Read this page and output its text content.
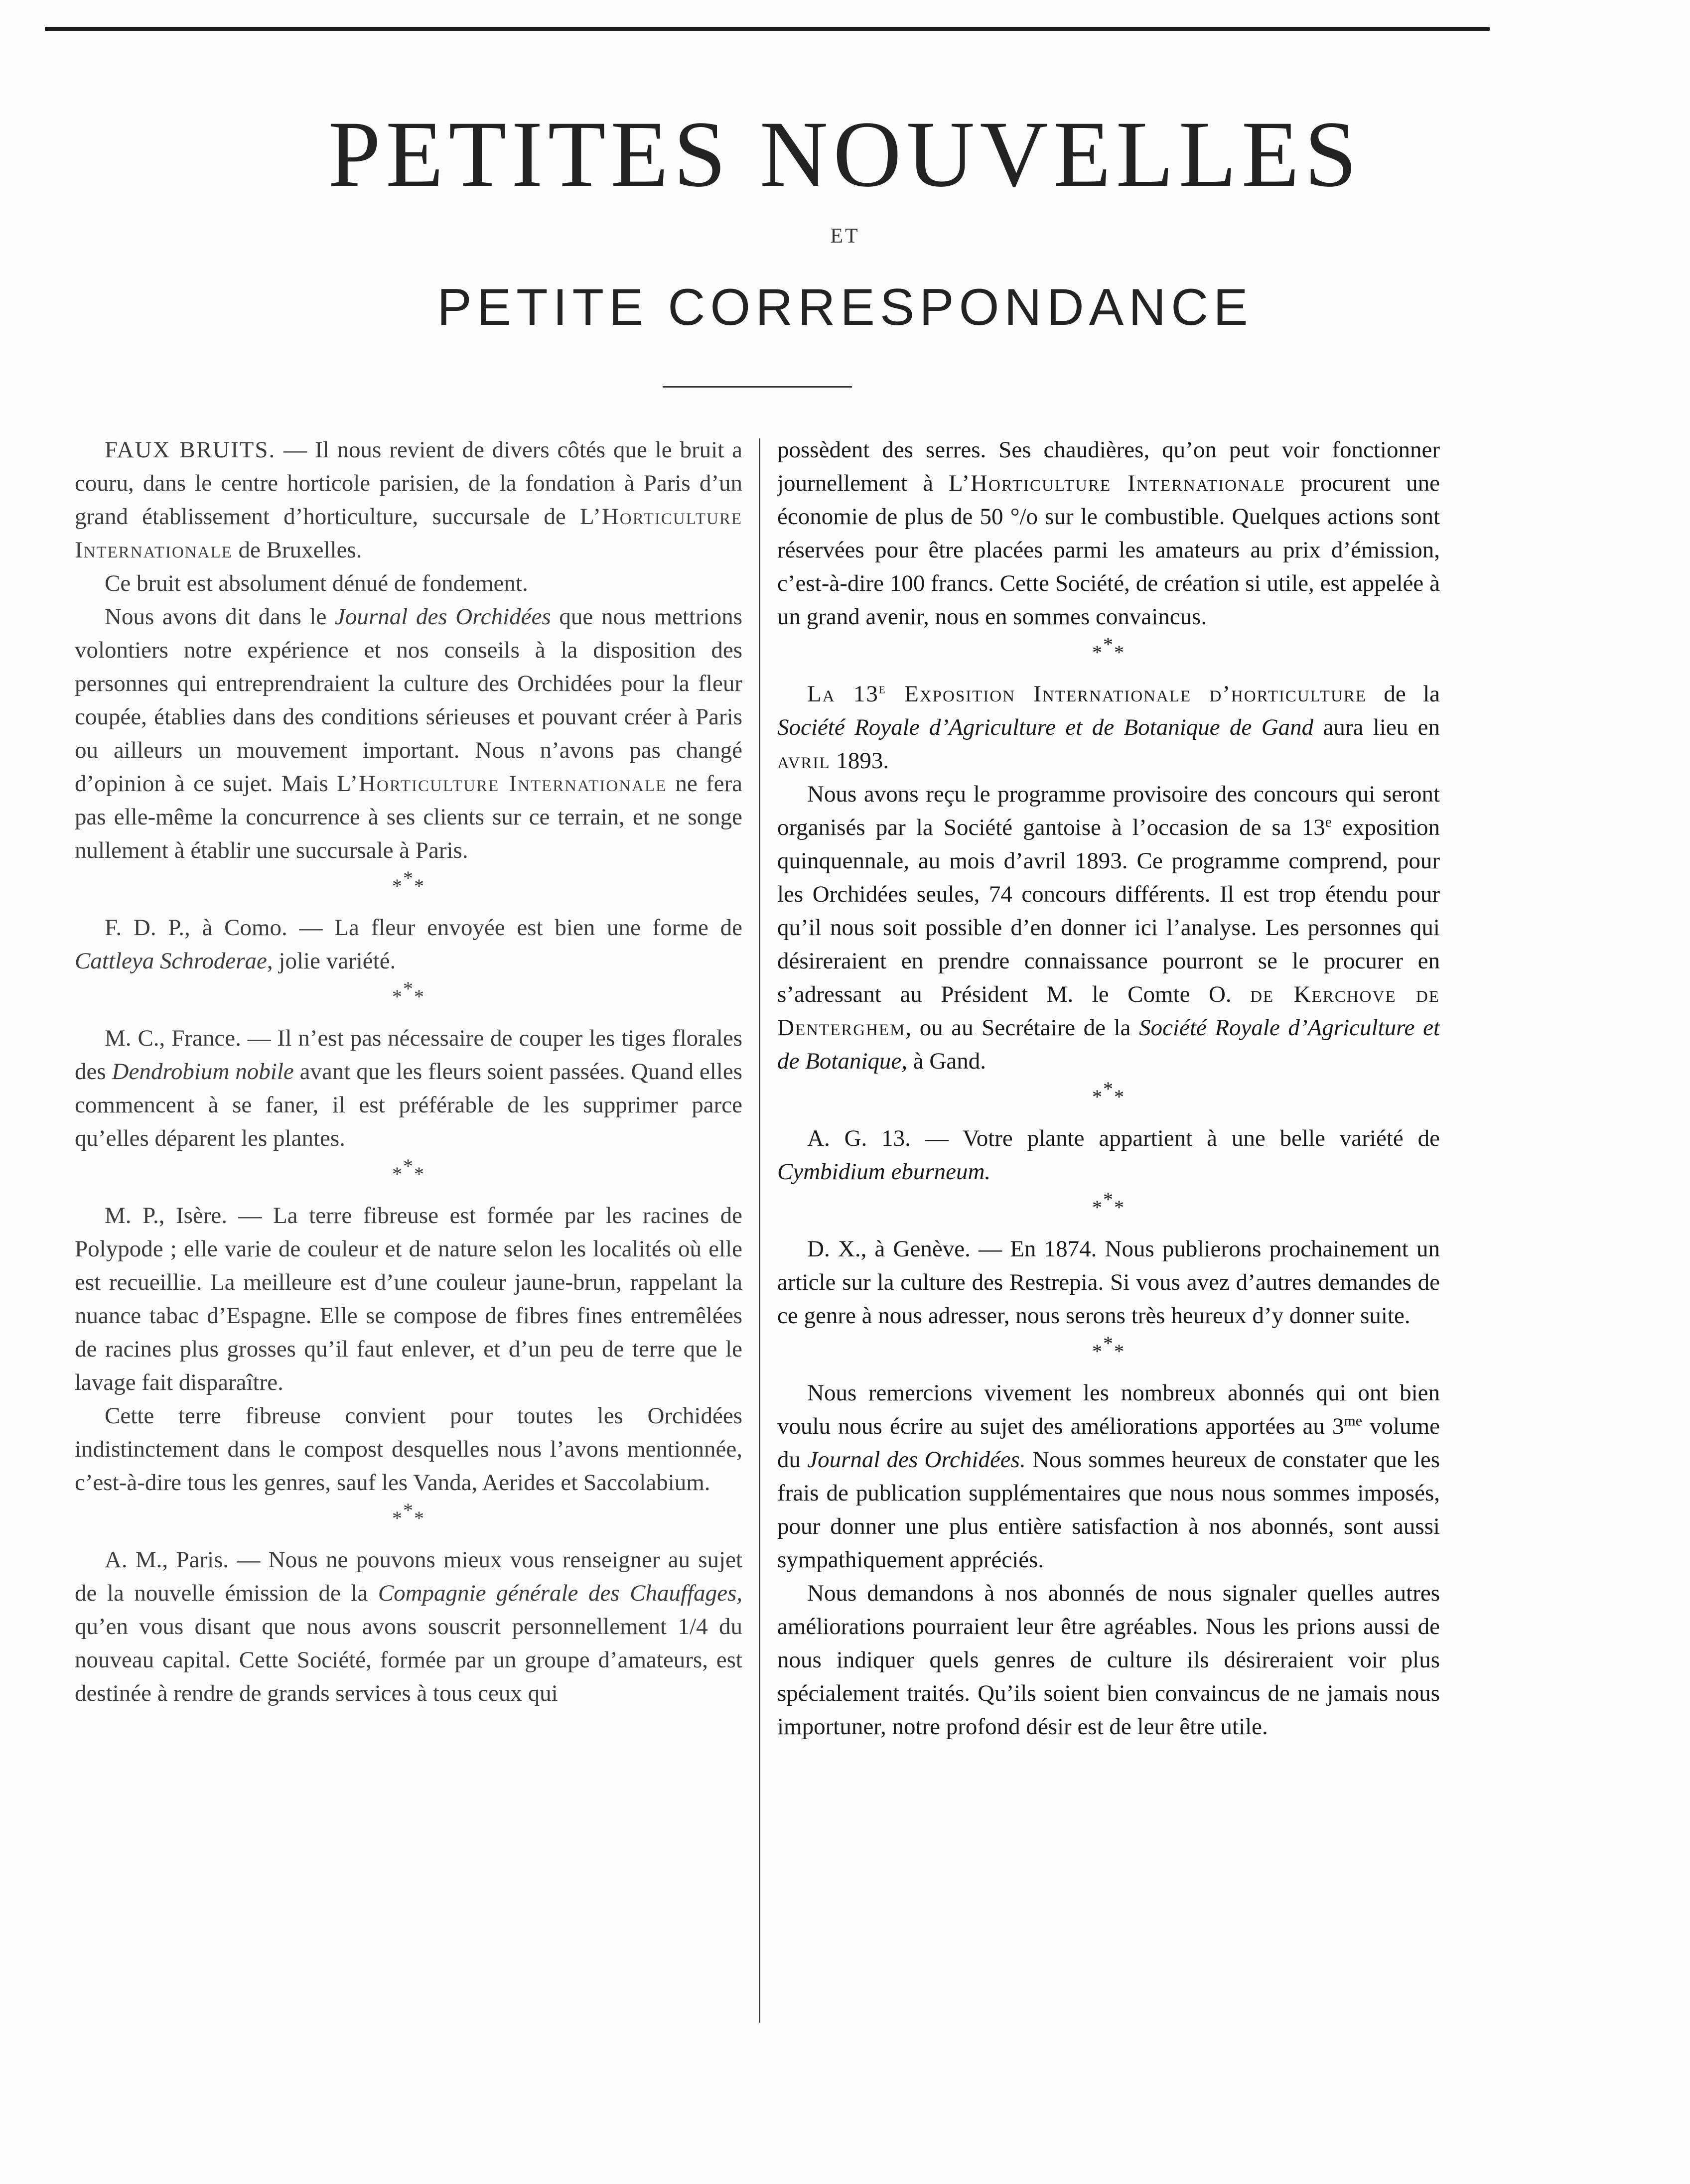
PETITES NOUVELLES
ET
PETITE CORRESPONDANCE

FAUX BRUITS. — Il nous revient de divers côtés que le bruit a couru, dans le centre horticole parisien, de la fondation à Paris d’un grand établissement d’horticulture, succursale de L’Horticulture Internationale de Bruxelles.

Ce bruit est absolument dénué de fondement.

Nous avons dit dans le Journal des Orchidées que nous mettrions volontiers notre expérience et nos conseils à la disposition des personnes qui entreprendraient la culture des Orchidées pour la fleur coupée, établies dans des conditions sérieuses et pouvant créer à Paris ou ailleurs un mouvement important. Nous n’avons pas changé d’opinion à ce sujet. Mais L’Horticulture Internationale ne fera pas elle-même la concurrence à ses clients sur ce terrain, et ne songe nullement à établir une succursale à Paris.

***

F. D. P., à Como. — La fleur envoyée est bien une forme de Cattleya Schroderae, jolie variété.

***

M. C., France. — Il n’est pas nécessaire de couper les tiges florales des Dendrobium nobile avant que les fleurs soient passées. Quand elles commencent à se faner, il est préférable de les supprimer parce qu’elles déparent les plantes.

***

M. P., Isère. — La terre fibreuse est formée par les racines de Polypode ; elle varie de couleur et de nature selon les localités où elle est recueillie. La meilleure est d’une couleur jaune-brun, rappelant la nuance tabac d’Espagne. Elle se compose de fibres fines entremêlées de racines plus grosses qu’il faut enlever, et d’un peu de terre que le lavage fait disparaître.

Cette terre fibreuse convient pour toutes les Orchidées indistinctement dans le compost desquelles nous l’avons mentionnée, c’est-à-dire tous les genres, sauf les Vanda, Aerides et Saccolabium.

***

A. M., Paris. — Nous ne pouvons mieux vous renseigner au sujet de la nouvelle émission de la Compagnie générale des Chauffages, qu’en vous disant que nous avons souscrit personnellement 1/4 du nouveau capital. Cette Société, formée par un groupe d’amateurs, est destinée à rendre de grands services à tous ceux qui

possèdent des serres. Ses chaudières, qu’on peut voir fonctionner journellement à L’Horticulture Internationale procurent une économie de plus de 50 °/o sur le combustible. Quelques actions sont réservées pour être placées parmi les amateurs au prix d’émission, c’est-à-dire 100 francs. Cette Société, de création si utile, est appelée à un grand avenir, nous en sommes convaincus.

***

La 13e Exposition Internationale d’horticulture de la Société Royale d’Agriculture et de Botanique de Gand aura lieu en avril 1893.

Nous avons reçu le programme provisoire des concours qui seront organisés par la Société gantoise à l’occasion de sa 13e exposition quinquennale, au mois d’avril 1893. Ce programme comprend, pour les Orchidées seules, 74 concours différents. Il est trop étendu pour qu’il nous soit possible d’en donner ici l’analyse. Les personnes qui désireraient en prendre connaissance pourront se le procurer en s’adressant au Président M. le Comte O. de Kerchove de Denterghem, ou au Secrétaire de la Société Royale d’Agriculture et de Botanique, à Gand.

***

A. G. 13. — Votre plante appartient à une belle variété de Cymbidium eburneum.

***

D. X., à Genève. — En 1874. Nous publierons prochainement un article sur la culture des Restrepia. Si vous avez d’autres demandes de ce genre à nous adresser, nous serons très heureux d’y donner suite.

***

Nous remercions vivement les nombreux abonnés qui ont bien voulu nous écrire au sujet des améliorations apportées au $3^{me}$ volume du Journal des Orchidées. Nous sommes heureux de constater que les frais de publication supplémentaires que nous nous sommes imposés, pour donner une plus entière satisfaction à nos abonnés, sont aussi sympathiquement appréciés.

Nous demandons à nos abonnés de nous signaler quelles autres améliorations pourraient leur être agréables. Nous les prions aussi de nous indiquer quels genres de culture ils désireraient voir plus spécialement traités. Qu’ils soient bien convaincus de ne jamais nous importuner, notre profond désir est de leur être utile.
